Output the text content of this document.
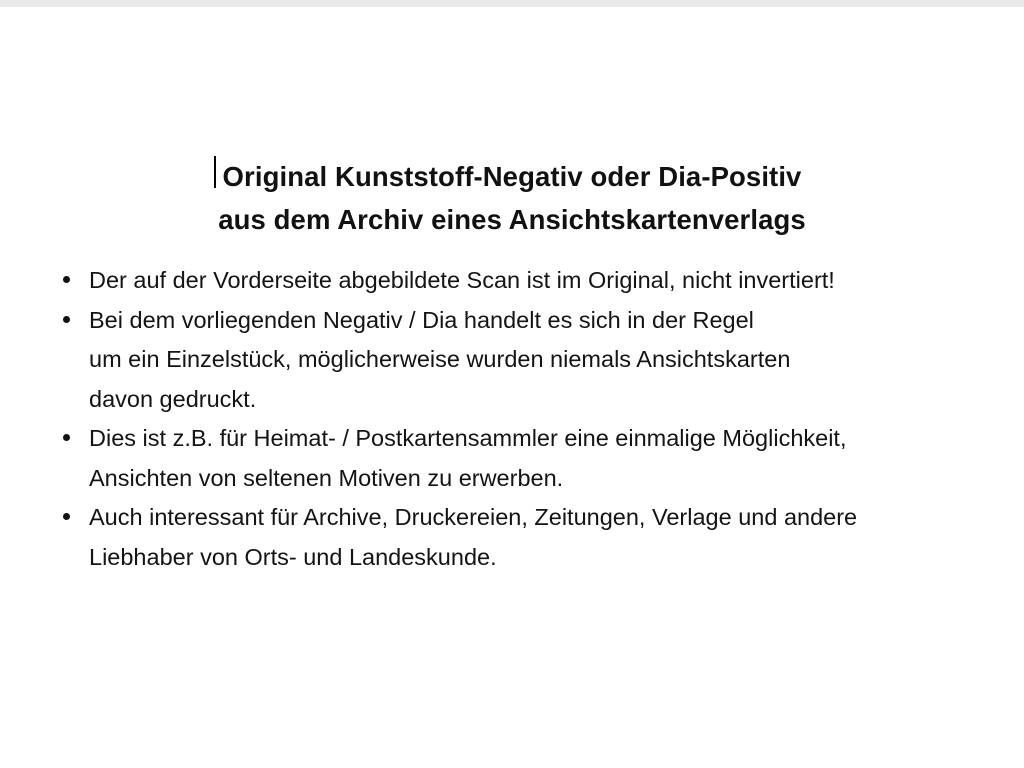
Original Kunststoff-Negativ oder Dia-Positiv
aus dem Archiv eines Ansichtskartenverlags
Der auf der Vorderseite abgebildete Scan ist im Original, nicht invertiert!
Bei dem vorliegenden Negativ / Dia handelt es sich in der Regel
um ein Einzelstück, möglicherweise wurden niemals Ansichtskarten
davon gedruckt.
Dies ist z.B. für Heimat- / Postkartensammler eine einmalige Möglichkeit,
Ansichten von seltenen Motiven zu erwerben.
Auch interessant für Archive, Druckereien, Zeitungen, Verlage und andere
Liebhaber von Orts- und Landeskunde.
